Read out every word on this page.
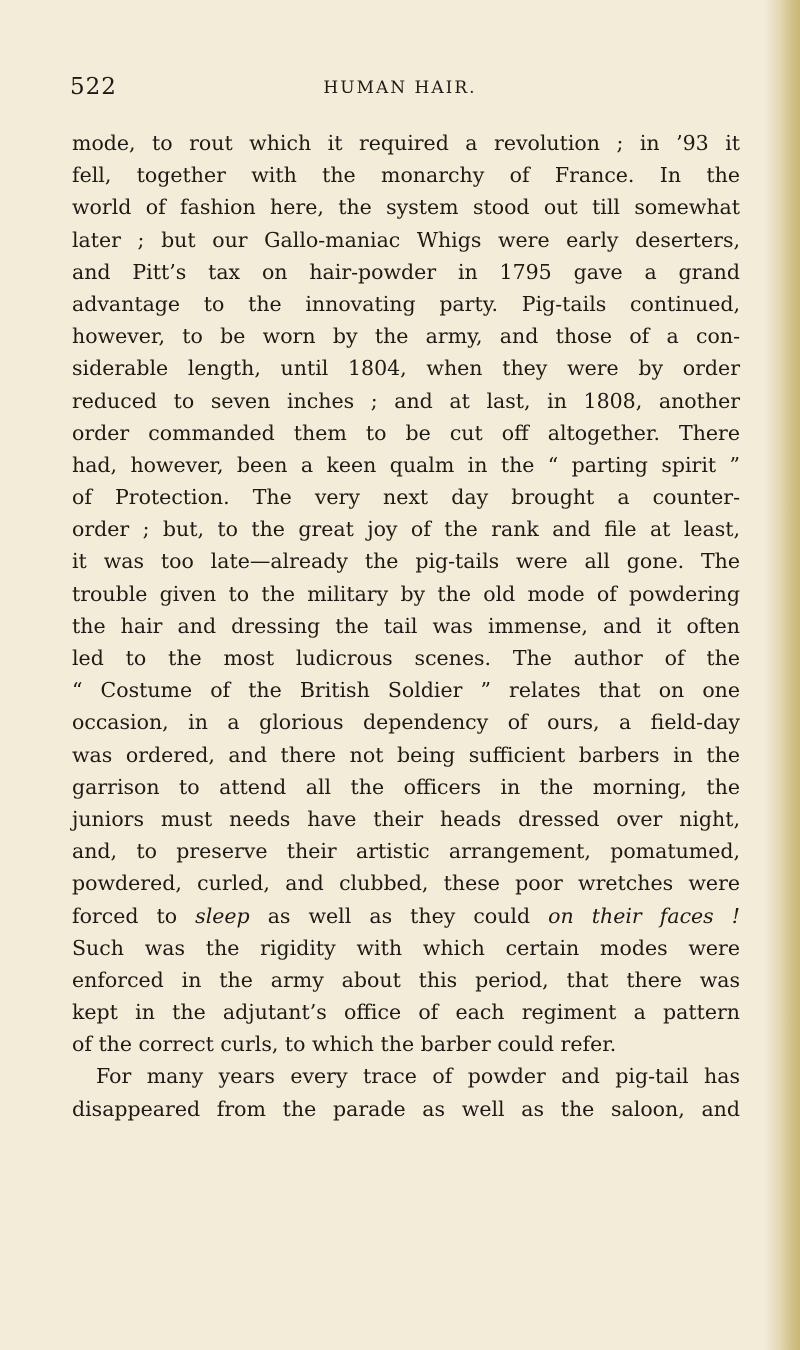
522	HUMAN HAIR.
mode, to rout which it required a revolution ; in ’93 it
fell, together with the monarchy of France. In the
world of fashion here, the system stood out till somewhat
later ; but our Gallo-maniac Whigs were early deserters,
and Pitt’s tax on hair-powder in 1795 gave a grand
advantage to the innovating party. Pig-tails continued,
however, to be worn by the army, and those of a con-
siderable length, until 1804, when they were by order
reduced to seven inches ; and at last, in 1808, another
order commanded them to be cut off altogether. There
had, however, been a keen qualm in the “ parting spirit ”
of Protection. The very next day brought a counter-
order ; but, to the great joy of the rank and file at least,
it was too late—already the pig-tails were all gone. The
trouble given to the military by the old mode of powdering
the hair and dressing the tail was immense, and it often
led to the most ludicrous scenes. The author of the
“ Costume of the British Soldier ” relates that on one
occasion, in a glorious dependency of ours, a field-day
was ordered, and there not being sufficient barbers in the
garrison to attend all the officers in the morning, the
juniors must needs have their heads dressed over night,
and, to preserve their artistic arrangement, pomatumed,
powdered, curled, and clubbed, these poor wretches were
forced to sleep as well as they could on their faces !
Such was the rigidity with which certain modes were
enforced in the army about this period, that there was
kept in the adjutant’s office of each regiment a pattern
of the correct curls, to which the barber could refer.
For many years every trace of powder and pig-tail has
disappeared from the parade as well as the saloon, and
